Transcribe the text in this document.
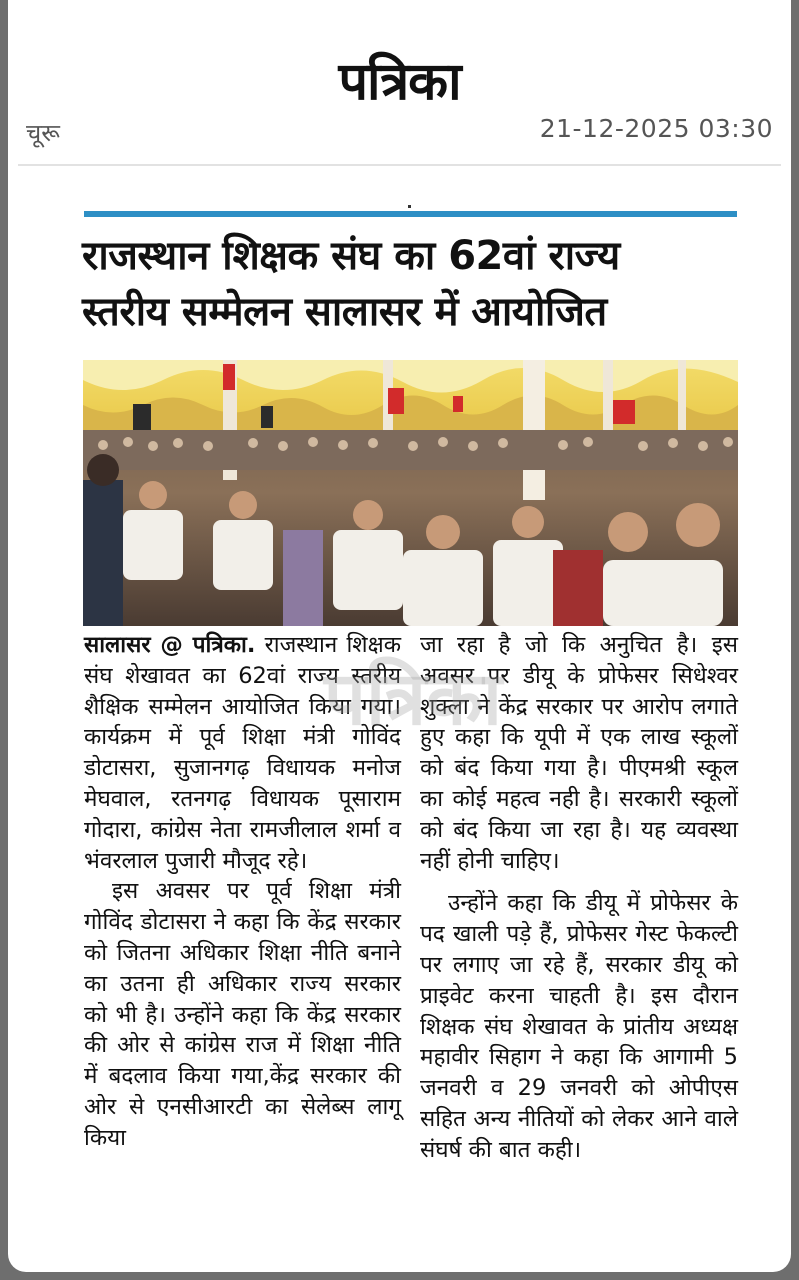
पत्रिका
चूरू	21-12-2025 03:30
राजस्थान शिक्षक संघ का 62वां राज्य
स्तरीय सम्मेलन सालासर में आयोजित

सालासर @ पत्रिका. राजस्थान शिक्षक संघ शेखावत का 62वां राज्य स्तरीय शैक्षिक सम्मेलन आयोजित किया गया।कार्यक्रम में पूर्व शिक्षा मंत्री गोविंद डोटासरा, सुजानगढ़ विधायक मनोज मेघवाल, रतनगढ़ विधायक पूसाराम गोदारा, कांग्रेस नेता रामजीलाल शर्मा व भंवरलाल पुजारी मौजूद रहे।

इस अवसर पर पूर्व शिक्षा मंत्री गोविंद डोटासरा ने कहा कि केंद्र सरकार को जितना अधिकार शिक्षा नीति बनाने का उतना ही अधिकार राज्य सरकार को भी है। उन्होंने कहा कि केंद्र सरकार की ओर से कांग्रेस राज में शिक्षा नीति में बदलाव किया गया,केंद्र सरकार की ओर से एनसीआरटी का सेलेब्स लागू किया

जा रहा है जो कि अनुचित है। इस अवसर पर डीयू के प्रोफेसर सिधेश्वर शुक्ला ने केंद्र सरकार पर आरोप लगाते हुए कहा कि यूपी में एक लाख स्कूलों को बंद किया गया है। पीएमश्री स्कूल का कोई महत्व नही है। सरकारी स्कूलों को बंद किया जा रहा है। यह व्यवस्था नहीं होनी चाहिए।

उन्होंने कहा कि डीयू में प्रोफेसर के पद खाली पड़े हैं, प्रोफेसर गेस्ट फेकल्टी पर लगाए जा रहे हैं, सरकार डीयू को प्राइवेट करना चाहती है। इस दौरान शिक्षक संघ शेखावत के प्रांतीय अध्यक्ष महावीर सिहाग ने कहा कि आगामी 5 जनवरी व 29 जनवरी को ओपीएस सहित अन्य नीतियों को लेकर आने वाले संघर्ष की बात कही।

पत्रिका
